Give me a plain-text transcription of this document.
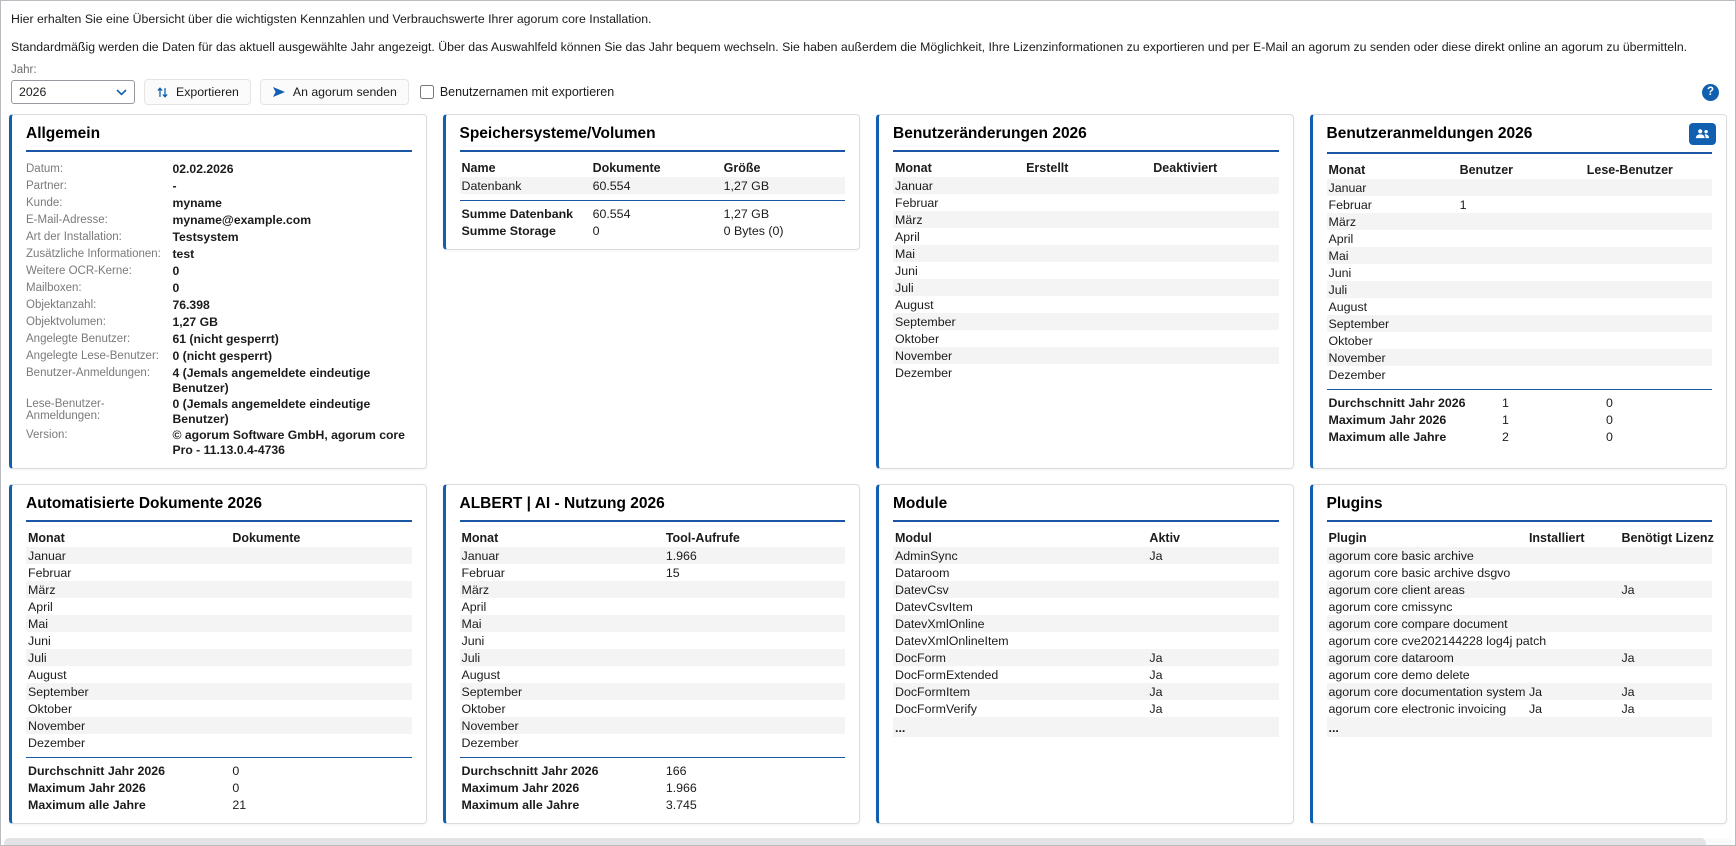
Hier erhalten Sie eine Übersicht über die wichtigsten Kennzahlen und Verbrauchswerte Ihrer agorum core Installation.

Standardmäßig werden die Daten für das aktuell ausgewählte Jahr angezeigt. Über das Auswahlfeld können Sie das Jahr bequem wechseln. Sie haben außerdem die Möglichkeit, Ihre Lizenzinformationen zu exportieren und per E-Mail an agorum zu senden oder diese direkt online an agorum zu übermitteln.

Jahr:
2026	Exportieren	An agorum senden	Benutzernamen mit exportieren	?
Allgemein
Datum:	02.02.2026
Partner:	-
Kunde:	myname
E-Mail-Adresse:	myname@example.com
Art der Installation:	Testsystem
Zusätzliche Informationen: test
Weitere OCR-Kerne:	0
Mailboxen:	0
Objektanzahl:	76.398
Objektvolumen:	1,27 GB
Angelegte Benutzer:	61 (nicht gesperrt)
Angelegte Lese-Benutzer:	0 (nicht gesperrt)
Benutzer-Anmeldungen:	4 (Jemals angemeldete eindeutige Benutzer)
Lese-Benutzer-Anmeldungen:
0 (Jemals angemeldete eindeutige Benutzer)
Version:	© agorum Software GmbH, agorum core Pro - 11.13.0.4-4736
Speichersysteme/Volumen
Name	Dokumente	Größe
Datenbank	60.554	1,27 GB
Summe Datenbank	60.554	1,27 GB
Summe Storage	0	0 Bytes (0)
Benutzeränderungen 2026
Monat	Erstellt	Deaktiviert
Januar		
Februar		
März		
April		
Mai		
Juni		
Juli		
August		
September		
Oktober		
November		
Dezember		
Benutzeranmeldungen 2026
Monat	Benutzer	Lese-Benutzer
Januar		
Februar	1	
März		
April		
Mai		
Juni		
Juli		
August		
September		
Oktober		
November		
Dezember		
Durchschnitt Jahr 2026	1	0
Maximum Jahr 2026	1	0
Maximum alle Jahre	2	0
Automatisierte Dokumente 2026
Monat	Dokumente
Januar	
Februar	
März	
April	
Mai	
Juni	
Juli	
August	
September	
Oktober	
November	
Dezember	
Durchschnitt Jahr 2026	0
Maximum Jahr 2026	0
Maximum alle Jahre	21
ALBERT | AI - Nutzung 2026
Monat	Tool-Aufrufe
Januar	1.966
Februar	15
März	
April	
Mai	
Juni	
Juli	
August	
September	
Oktober	
November	
Dezember	
Durchschnitt Jahr 2026	166
Maximum Jahr 2026	1.966
Maximum alle Jahre	3.745
Module
Modul	Aktiv
AdminSync	Ja
Dataroom	
DatevCsv	
DatevCsvItem	
DatevXmlOnline	
DatevXmlOnlineItem	
DocForm	Ja
DocFormExtended	Ja
DocFormItem	Ja
DocFormVerify	Ja
...	
Plugins
Plugin	Installiert	Benötigt Lizenz
agorum core basic archive		
agorum core basic archive dsgvo		
agorum core client areas		Ja
agorum core cmissync		
agorum core compare document		
agorum core cve202144228 log4j patch		
agorum core dataroom		Ja
agorum core demo delete		
agorum core documentation system	Ja	Ja
agorum core electronic invoicing	Ja	Ja
...		
